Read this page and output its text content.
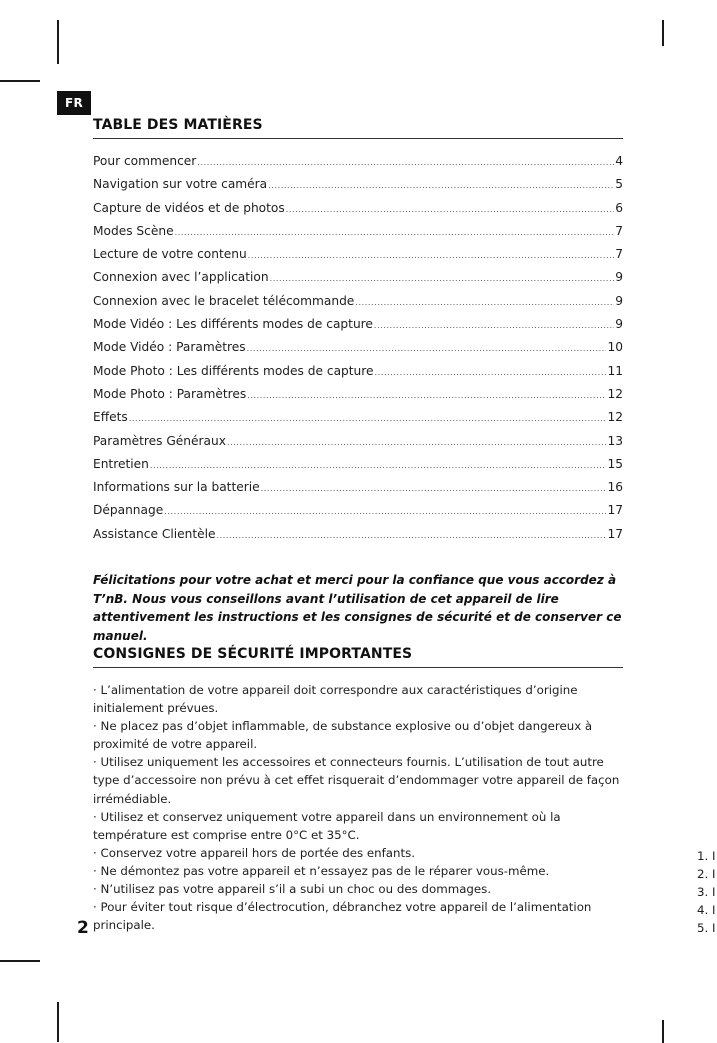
FR
TABLE DES MATIÈRES
Pour commencer .....	4
Navigation sur votre caméra .....	5
Capture de vidéos et de photos .....	6
Modes Scène .....	7
Lecture de votre contenu .....	7
Connexion avec l’application .....	9
Connexion avec le bracelet télécommande .....	9
Mode Vidéo : Les différents modes de capture .....	9
Mode Vidéo : Paramètres .....	10
Mode Photo : Les différents modes de capture .....	11
Mode Photo : Paramètres .....	12
Effets .....	12
Paramètres Généraux .....	13
Entretien .....	15
Informations sur la batterie .....	16
Dépannage .....	17
Assistance Clientèle .....	17

Félicitations pour votre achat et merci pour la confiance que vous accordez à T’nB. Nous vous conseillons avant l’utilisation de cet appareil de lire attentivement les instructions et les consignes de sécurité et de conserver ce manuel.

CONSIGNES DE SÉCURITÉ IMPORTANTES
· L’alimentation de votre appareil doit correspondre aux caractéristiques d’origine initialement prévues.
· Ne placez pas d’objet inflammable, de substance explosive ou d’objet dangereux à proximité de votre appareil.
· Utilisez uniquement les accessoires et connecteurs fournis. L’utilisation de tout autre type d’accessoire non prévu à cet effet risquerait d’endommager votre appareil de façon irrémédiable.
· Utilisez et conservez uniquement votre appareil dans un environnement où la température est comprise entre 0°C et 35°C.
· Conservez votre appareil hors de portée des enfants.
· Ne démontez pas votre appareil et n’essayez pas de le réparer vous-même.
· N’utilisez pas votre appareil s’il a subi un choc ou des dommages.
· Pour éviter tout risque d’électrocution, débranchez votre appareil de l’alimentation principale.
1. I
2. I
3. I
4. I
5. I
2
